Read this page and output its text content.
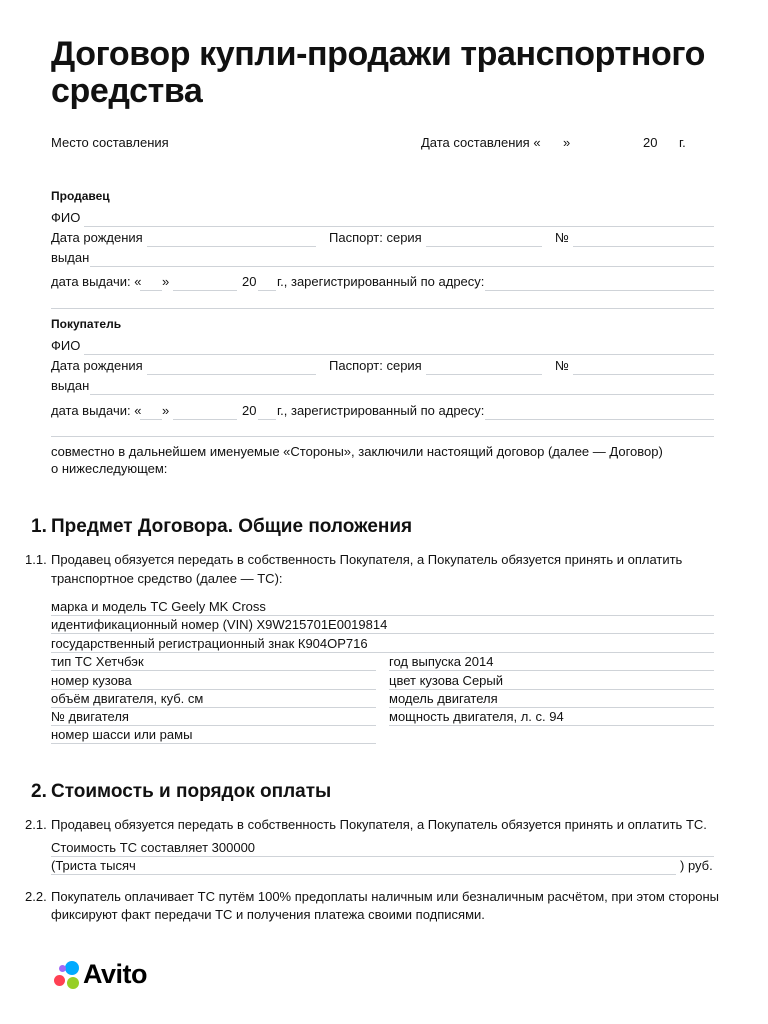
Договор купли-продажи транспортного
средства
Место составления	Дата составления « »	20 г.
Продавец
ФИО
Дата рождения	Паспорт: серия	№
выдан
дата выдачи: « »	20 г., зарегистрированный по адресу:
Покупатель
ФИО
Дата рождения	Паспорт: серия	№
выдан
дата выдачи: « »	20 г., зарегистрированный по адресу:
совместно в дальнейшем именуемые «Стороны», заключили настоящий договор (далее — Договор)
о нижеследующем:
1. Предмет Договора. Общие положения
1.1. Продавец обязуется передать в собственность Покупателя, а Покупатель обязуется принять и оплатить
транспортное средство (далее — ТС):
марка и модель ТС Geely MK Cross
идентификационный номер (VIN) X9W215701E0019814
государственный регистрационный знак К904ОР716
тип ТС Хетчбэк	год выпуска 2014
номер кузова	цвет кузова Серый
объём двигателя, куб. см	модель двигателя
№ двигателя	мощность двигателя, л. с. 94
номер шасси или рамы
2. Стоимость и порядок оплаты
2.1. Продавец обязуется передать в собственность Покупателя, а Покупатель обязуется принять и оплатить ТС.
Стоимость ТС составляет 300000
(Триста тысяч	) руб.
2.2. Покупатель оплачивает ТС путём 100% предоплаты наличным или безналичным расчётом, при этом стороны
фиксируют факт передачи ТС и получения платежа своими подписями.
Avito
